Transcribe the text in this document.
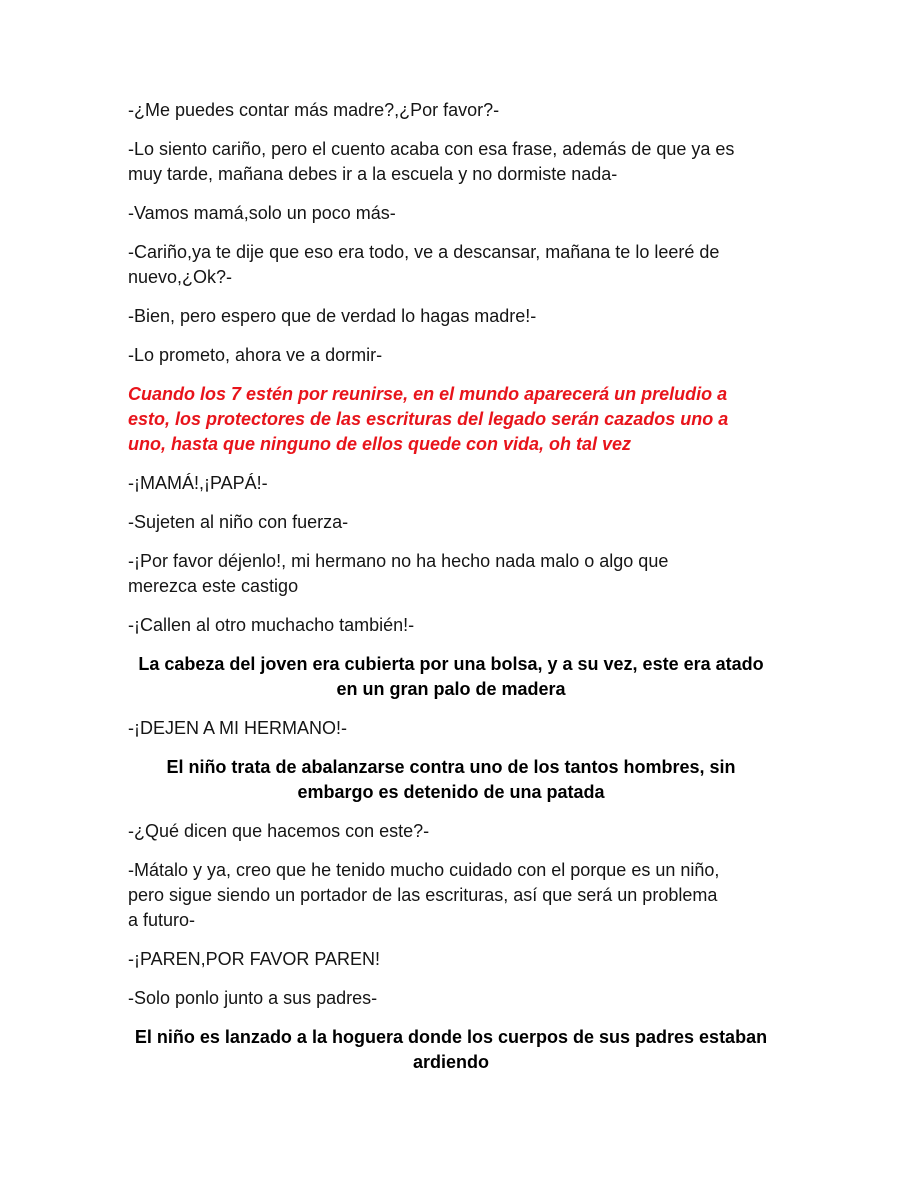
-¿Me puedes contar más madre?,¿Por favor?-

-Lo siento cariño, pero el cuento acaba con esa frase, además de que ya es
muy tarde, mañana debes ir a la escuela y no dormiste nada-

-Vamos mamá,solo un poco más-

-Cariño,ya te dije que eso era todo, ve a descansar, mañana te lo leeré de
nuevo,¿Ok?-

-Bien, pero espero que de verdad lo hagas madre!-

-Lo prometo, ahora ve a dormir-

Cuando los 7 estén por reunirse, en el mundo aparecerá un preludio a
esto, los protectores de las escrituras del legado serán cazados uno a
uno, hasta que ninguno de ellos quede con vida, oh tal vez

-¡MAMÁ!,¡PAPÁ!-

-Sujeten al niño con fuerza-

-¡Por favor déjenlo!, mi hermano no ha hecho nada malo o algo que
merezca este castigo

-¡Callen al otro muchacho también!-

La cabeza del joven era cubierta por una bolsa, y a su vez, este era atado
en un gran palo de madera

-¡DEJEN A MI HERMANO!-

El niño trata de abalanzarse contra uno de los tantos hombres, sin
embargo es detenido de una patada

-¿Qué dicen que hacemos con este?-

-Mátalo y ya, creo que he tenido mucho cuidado con el porque es un niño,
pero sigue siendo un portador de las escrituras, así que será un problema
a futuro-

-¡PAREN,POR FAVOR PAREN!

-Solo ponlo junto a sus padres-

El niño es lanzado a la hoguera donde los cuerpos de sus padres estaban
ardiendo
